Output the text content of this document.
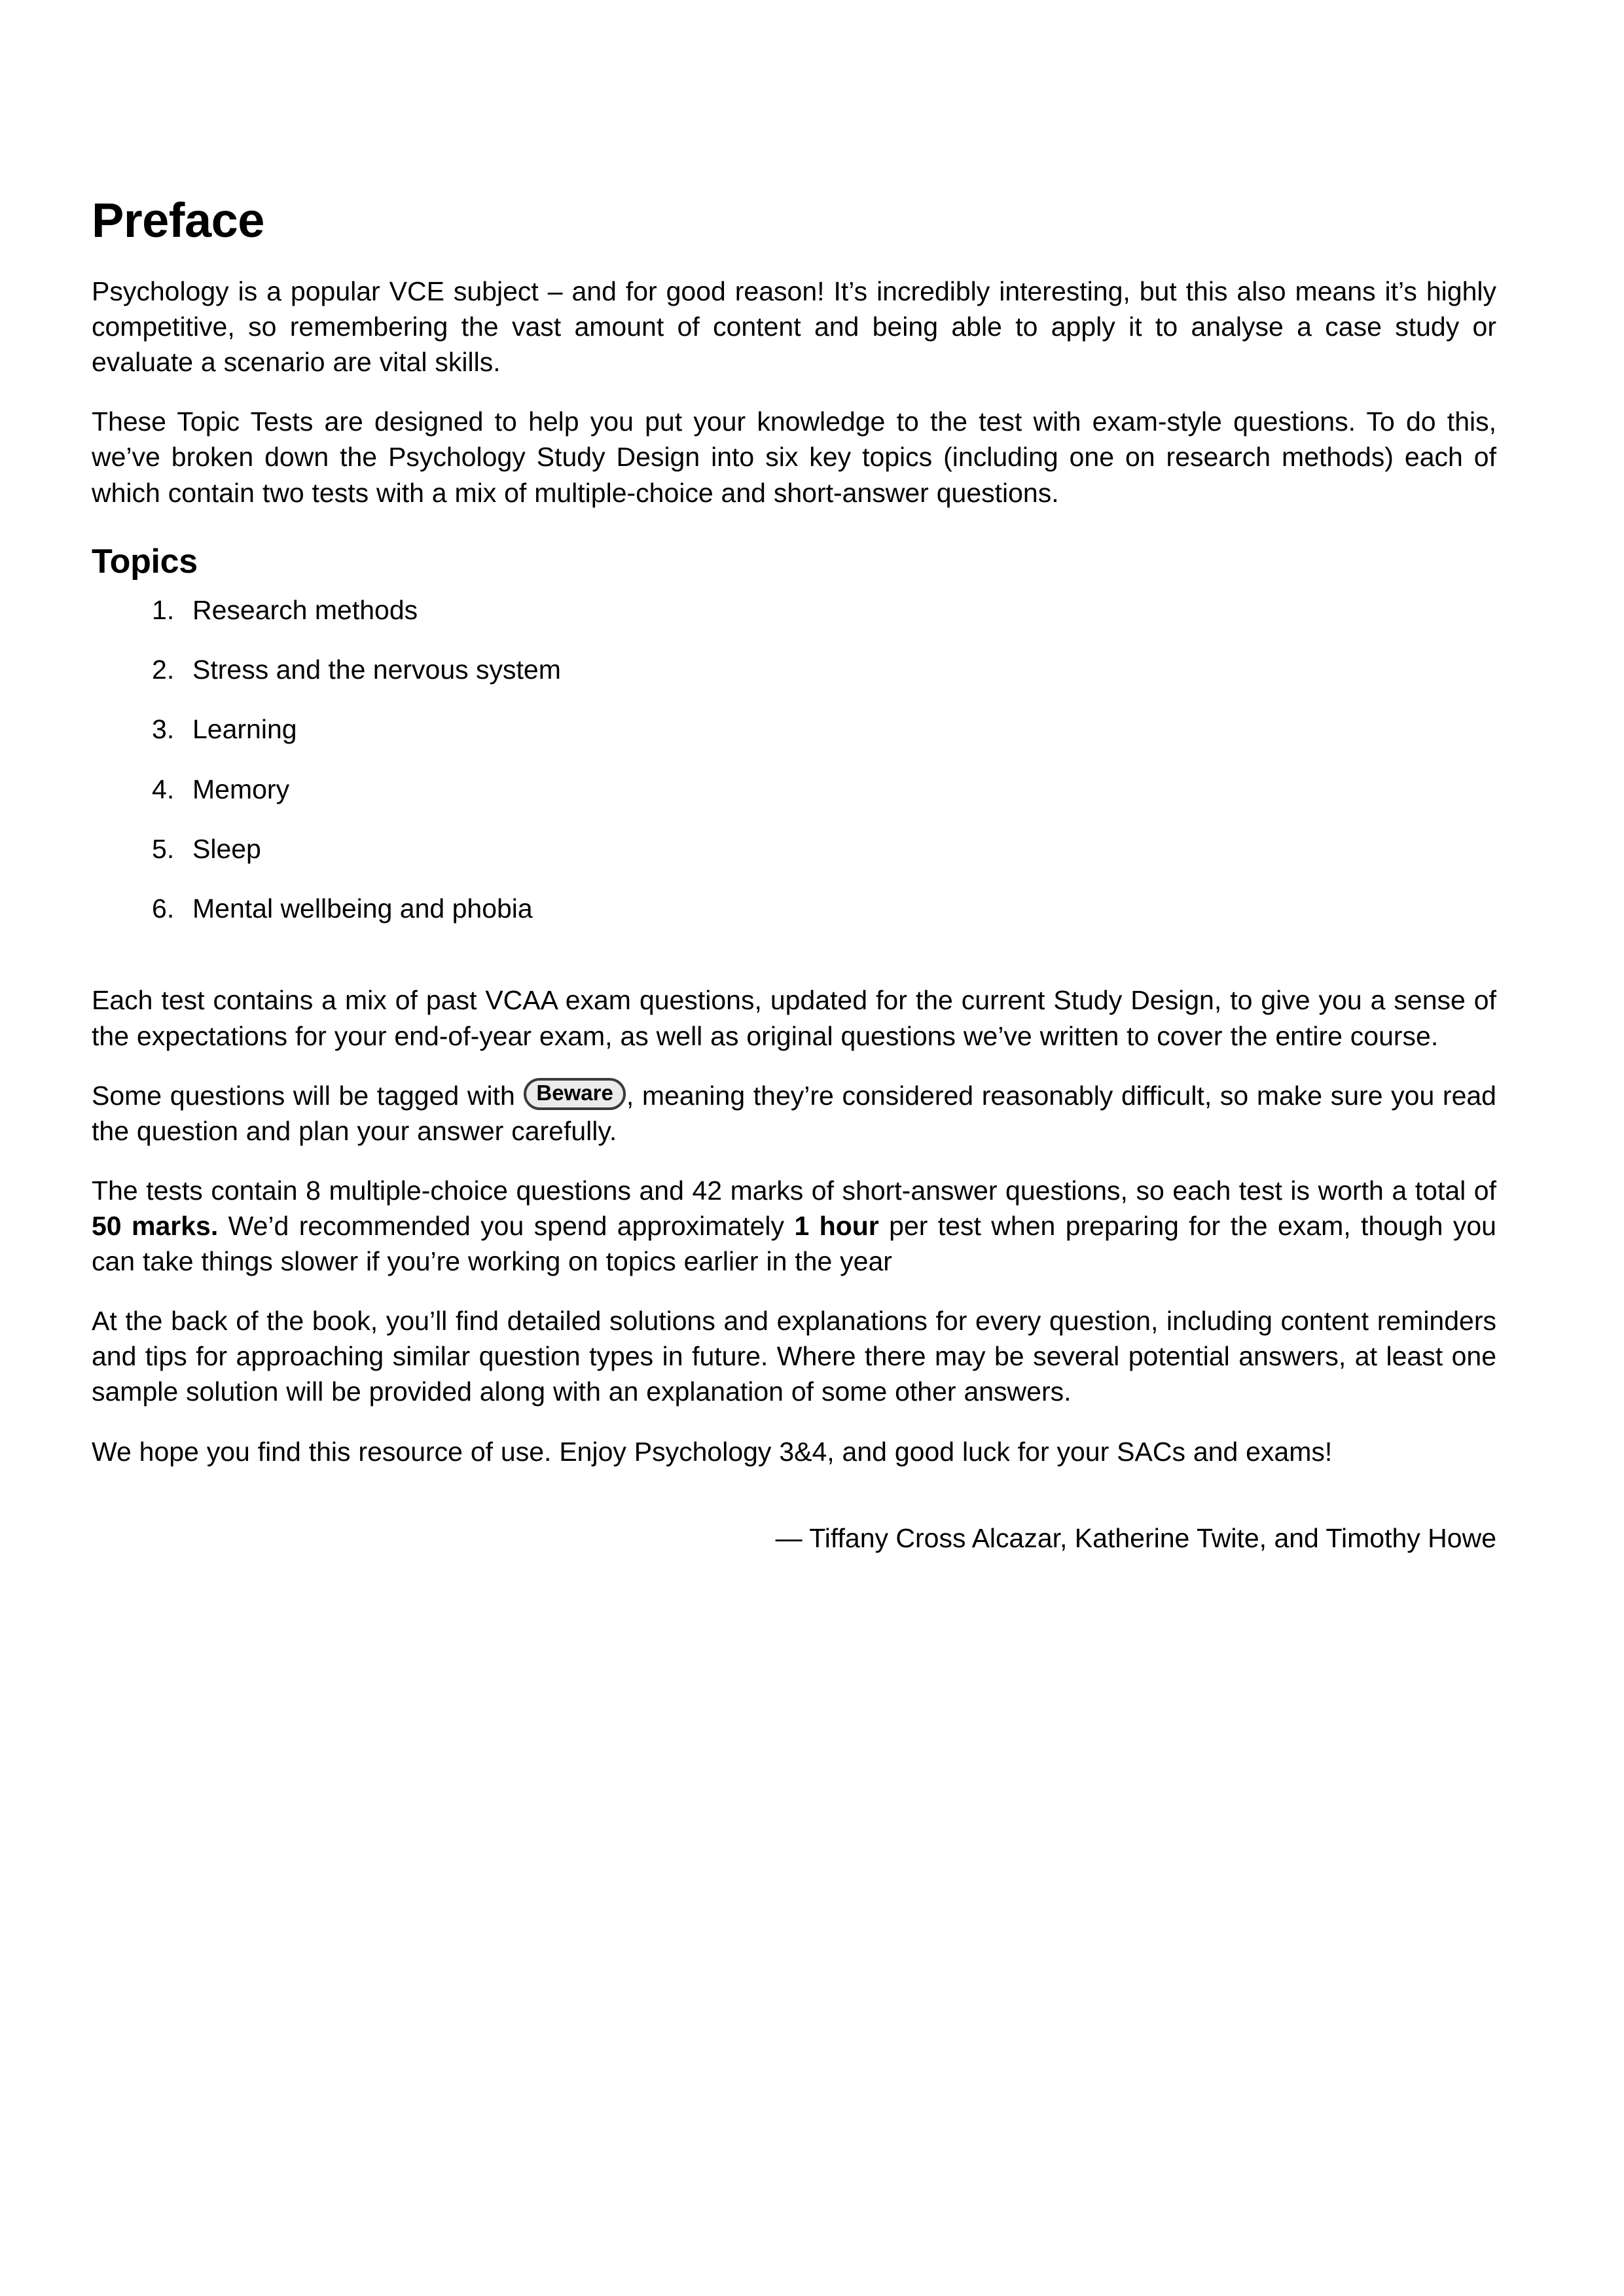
Preface

Psychology is a popular VCE subject – and for good reason! It’s incredibly interesting, but this also means it’s highly competitive, so remembering the vast amount of content and being able to apply it to analyse a case study or evaluate a scenario are vital skills.

These Topic Tests are designed to help you put your knowledge to the test with exam-style questions. To do this, we’ve broken down the Psychology Study Design into six key topics (including one on research methods) each of which contain two tests with a mix of multiple-choice and short-answer questions.

Topics
Research methods
Stress and the nervous system
Learning
Memory
Sleep
Mental wellbeing and phobia

Each test contains a mix of past VCAA exam questions, updated for the current Study Design, to give you a sense of the expectations for your end-of-year exam, as well as original questions we’ve written to cover the entire course.

Some questions will be tagged with Beware , meaning they’re considered reasonably difficult, so make sure you read the question and plan your answer carefully.

The tests contain 8 multiple-choice questions and 42 marks of short-answer questions, so each test is worth a total of 50 marks. We’d recommended you spend approximately 1 hour per test when preparing for the exam, though you can take things slower if you’re working on topics earlier in the year

At the back of the book, you’ll find detailed solutions and explanations for every question, including content reminders and tips for approaching similar question types in future. Where there may be several potential answers, at least one sample solution will be provided along with an explanation of some other answers.

We hope you find this resource of use. Enjoy Psychology 3&4, and good luck for your SACs and exams!

— Tiffany Cross Alcazar, Katherine Twite, and Timothy Howe
